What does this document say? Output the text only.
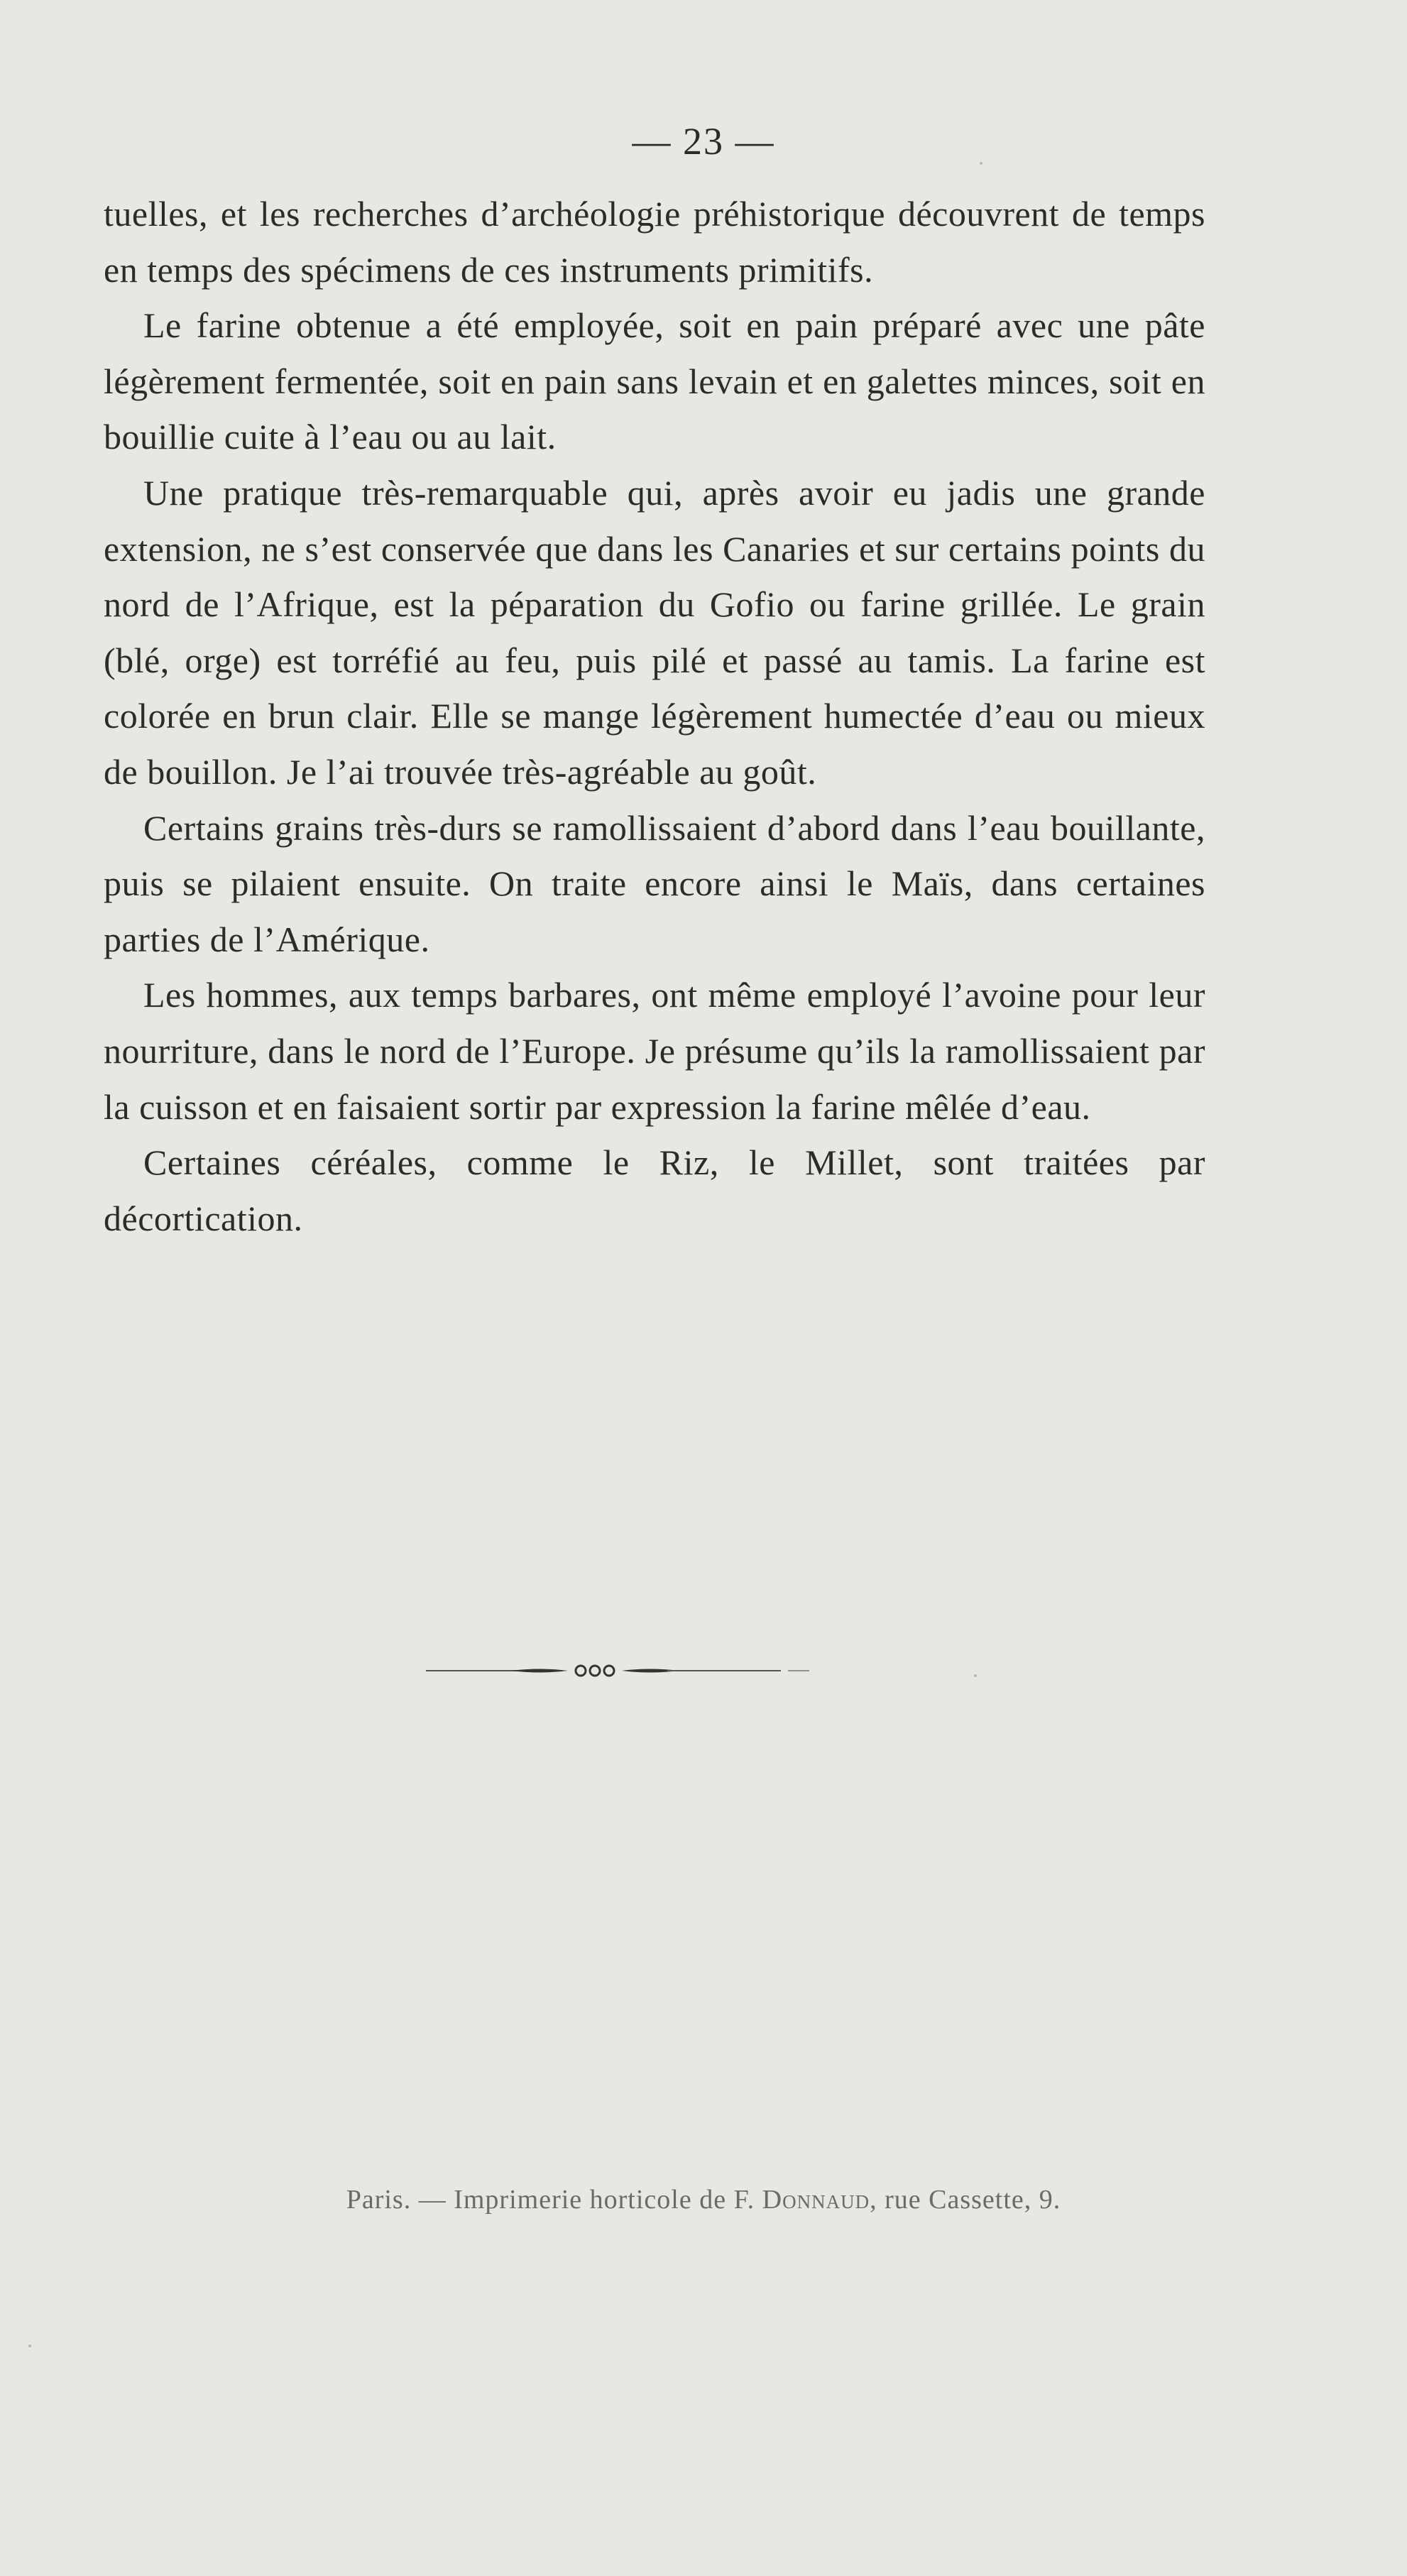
— 23 —

tuelles, et les recherches d’archéologie préhistorique découvrent de temps en temps des spécimens de ces instruments primitifs.

Le farine obtenue a été employée, soit en pain préparé avec une pâte légèrement fermentée, soit en pain sans levain et en galettes minces, soit en bouillie cuite à l’eau ou au lait.

Une pratique très-remarquable qui, après avoir eu jadis une grande extension, ne s’est conservée que dans les Canaries et sur certains points du nord de l’Afrique, est la péparation du Gofio ou farine grillée. Le grain (blé, orge) est torréfié au feu, puis pilé et passé au tamis. La farine est colorée en brun clair. Elle se mange légèrement humectée d’eau ou mieux de bouillon. Je l’ai trouvée très-agréable au goût.

Certains grains très-durs se ramollissaient d’abord dans l’eau bouillante, puis se pilaient ensuite. On traite encore ainsi le Maïs, dans certaines parties de l’Amérique.

Les hommes, aux temps barbares, ont même employé l’avoine pour leur nourriture, dans le nord de l’Europe. Je présume qu’ils la ramollissaient par la cuisson et en faisaient sortir par expression la farine mêlée d’eau.

Certaines céréales, comme le Riz, le Millet, sont traitées par décortication.

Paris. — Imprimerie horticole de F. Donnaud, rue Cassette, 9.
